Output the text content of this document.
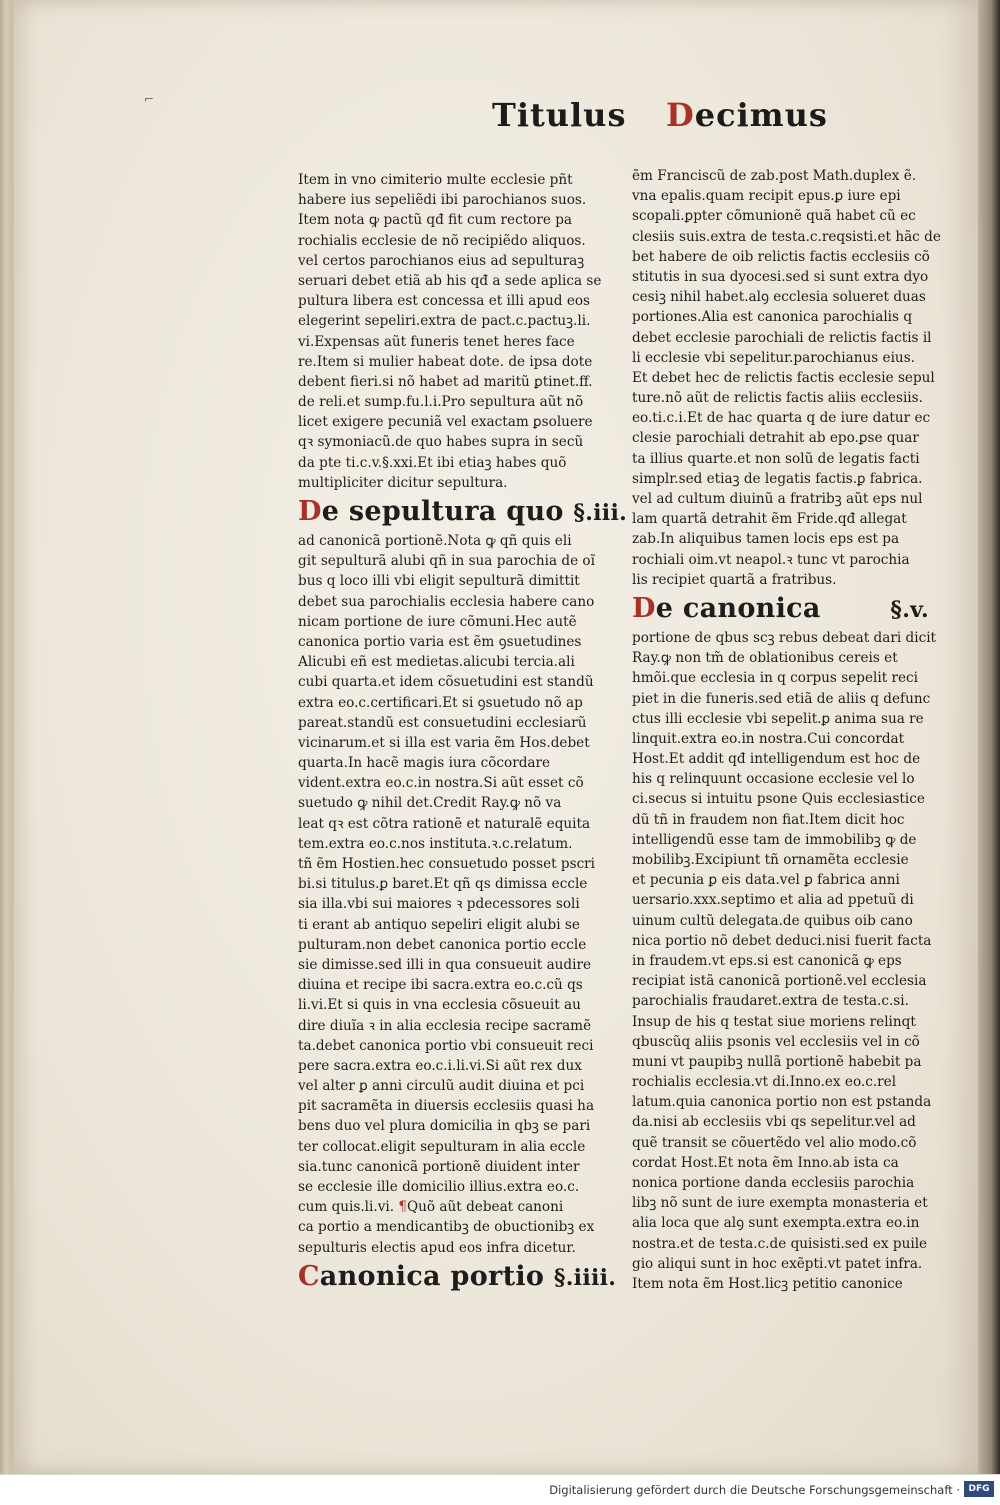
⌐	Titulus Decimus
Item in vno cimiterio multe ecclesie pñt
habere ius sepeliẽdi ibi parochianos suos.
Item nota ꝙ pactũ qđ fit cum rectore pa
rochialis ecclesie de nõ recipiẽdo aliquos.
vel certos parochianos eius ad sepulturaꝫ
seruari debet etiã ab his qđ a sede aplica se
pultura libera est concessa et illi apud eos
elegerint sepeliri.extra de pact.c.pactuꝫ.li.
vi.Expensas aũt funeris tenet heres face
re.Item si mulier habeat dote. de ipsa dote
debent fieri.si nõ habet ad maritũ ꝑtinet.ff.
de reli.et sump.fu.l.i.Pro sepultura aũt nõ
licet exigere pecuniã vel exactam ꝑsoluere
qꝛ symoniacũ.de quo habes supra in secũ
da pte ti.c.v.§.xxi.Et ibi etiaꝫ habes quõ
multipliciter dicitur sepultura.
De sepultura quo §.iii.
ad canonicã portionẽ.Nota ꝙ qñ quis eli
git sepulturã alubi qñ in sua parochia de oĩ
bus q loco illi vbi eligit sepulturã dimittit
debet sua parochialis ecclesia habere cano
nicam portione de iure cõmuni.Hec autẽ
canonica portio varia est ẽm ꝯsuetudines
Alicubi eñ est medietas.alicubi tercia.ali
cubi quarta.et idem cõsuetudini est standũ
extra eo.c.certificari.Et si ꝯsuetudo nõ ap
pareat.standũ est consuetudini ecclesiarũ
vicinarum.et si illa est varia ẽm Hos.debet
quarta.In hacẽ magis iura cõcordare
vident.extra eo.c.in nostra.Si aũt esset cõ
suetudo ꝙ nihil det.Credit Ray.ꝙ nõ va
leat qꝛ est cõtra rationẽ et naturalẽ equita
tem.extra eo.c.nos instituta.ꝛ.c.relatum.
tñ ẽm Hostien.hec consuetudo posset pscri
bi.si titulus.ꝑ baret.Et qñ qs dimissa eccle
sia illa.vbi sui maiores ꝛ pdecessores soli
ti erant ab antiquo sepeliri eligit alubi se
pulturam.non debet canonica portio eccle
sie dimisse.sed illi in qua consueuit audire
diuina et recipe ibi sacra.extra eo.c.cũ qs
li.vi.Et si quis in vna ecclesia cõsueuit au
dire diuĩa ꝛ in alia ecclesia recipe sacramẽ
ta.debet canonica portio vbi consueuit reci
pere sacra.extra eo.c.i.li.vi.Si aũt rex dux
vel alter ꝑ anni circulũ audit diuina et pci
pit sacramẽta in diuersis ecclesiis quasi ha
bens duo vel plura domicilia in qbꝫ se pari
ter collocat.eligit sepulturam in alia eccle
sia.tunc canonicã portionẽ diuident inter
se ecclesie ille domicilio illius.extra eo.c.
cum quis.li.vi. ¶Quõ aũt debeat canoni
ca portio a mendicantibꝫ de obuctionibꝫ ex
sepulturis electis apud eos infra dicetur.
Canonica portio §.iiii.
ẽm Franciscũ de zab.post Math.duplex ẽ.
vna epalis.quam recipit epus.ꝑ iure epi
scopali.ꝑpter cõmunionẽ quã habet cũ ec
clesiis suis.extra de testa.c.reqsisti.et hãc de
bet habere de oib relictis factis ecclesiis cõ
stitutis in sua dyocesi.sed si sunt extra dyo
cesiꝫ nihil habet.alꝯ ecclesia solueret duas
portiones.Alia est canonica parochialis q
debet ecclesie parochiali de relictis factis il
li ecclesie vbi sepelitur.parochianus eius.
Et debet hec de relictis factis ecclesie sepul
ture.nõ aũt de relictis factis aliis ecclesiis.
eo.ti.c.i.Et de hac quarta q de iure datur ec
clesie parochiali detrahit ab epo.ꝑse quar
ta illius quarte.et non solũ de legatis facti
simplr.sed etiaꝫ de legatis factis.ꝑ fabrica.
vel ad cultum diuinũ a fratribꝫ aũt eps nul
lam quartã detrahit ẽm Fride.qđ allegat
zab.In aliquibus tamen locis eps est pa
rochiali oim.vt neapol.ꝛ tunc vt parochia
lis recipiet quartã a fratribus.
De canonica	§.v.
portione de qbus scꝫ rebus debeat dari dicit
Ray.ꝙ non tm̃ de oblationibus cereis et
hmõi.que ecclesia in q corpus sepelit reci
piet in die funeris.sed etiã de aliis q defunc
ctus illi ecclesie vbi sepelit.ꝑ anima sua re
linquit.extra eo.in nostra.Cui concordat
Host.Et addit qđ intelligendum est hoc de
his q relinquunt occasione ecclesie vel lo
ci.secus si intuitu psone Quis ecclesiastice
dũ tñ in fraudem non fiat.Item dicit hoc
intelligendũ esse tam de immobilibꝫ ꝙ de
mobilibꝫ.Excipiunt tñ ornamẽta ecclesie
et pecunia ꝑ eis data.vel ꝑ fabrica anni
uersario.xxx.septimo et alia ad ppetuũ di
uinum cultũ delegata.de quibus oib cano
nica portio nõ debet deduci.nisi fuerit facta
in fraudem.vt eps.si est canonicã ꝙ eps
recipiat istã canonicã portionẽ.vel ecclesia
parochialis fraudaret.extra de testa.c.si.
Insup de his q testat siue moriens relinqt
qbuscũq aliis psonis vel ecclesiis vel in cõ
muni vt paupibꝫ nullã portionẽ habebit pa
rochialis ecclesia.vt di.Inno.ex eo.c.rel
latum.quia canonica portio non est pstanda
da.nisi ab ecclesiis vbi qs sepelitur.vel ad
quẽ transit se cõuertẽdo vel alio modo.cõ
cordat Host.Et nota ẽm Inno.ab ista ca
nonica portione danda ecclesiis parochia
libꝫ nõ sunt de iure exempta monasteria et
alia loca que alꝯ sunt exempta.extra eo.in
nostra.et de testa.c.de quisisti.sed ex puile
gio aliqui sunt in hoc exẽpti.vt patet infra.
Item nota ẽm Host.licꝫ petitio canonice
Digitalisierung gefördert durch die Deutsche Forschungsgemeinschaft · DFG
